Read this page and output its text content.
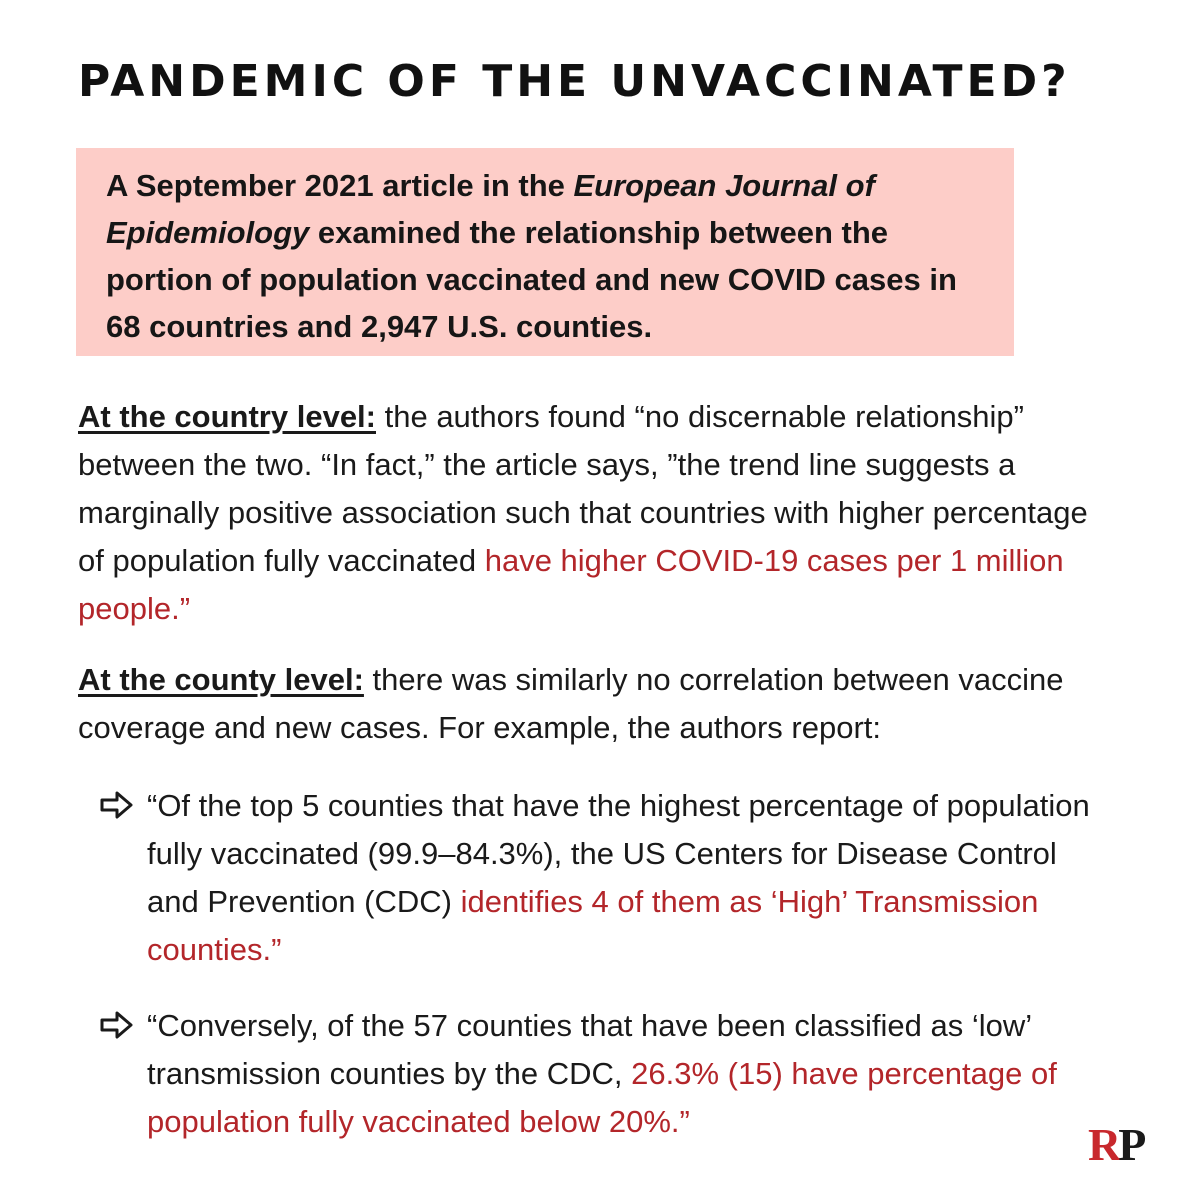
PANDEMIC OF THE UNVACCINATED?
A September 2021 article in the European Journal of Epidemiology examined the relationship between the portion of population vaccinated and new COVID cases in 68 countries and 2,947 U.S. counties.
At the country level: the authors found “no discernable relationship” between the two. “In fact,” the article says, ”the trend line suggests a marginally positive association such that countries with higher percentage of population fully vaccinated have higher COVID-19 cases per 1 million people.”
At the county level: there was similarly no correlation between vaccine coverage and new cases. For example, the authors report:
“Of the top 5 counties that have the highest percentage of population fully vaccinated (99.9–84.3%), the US Centers for Disease Control and Prevention (CDC) identifies 4 of them as ‘High’ Transmission counties.”
“Conversely, of the 57 counties that have been classified as ‘low’ transmission counties by the CDC, 26.3% (15) have percentage of population fully vaccinated below 20%.”	RP
